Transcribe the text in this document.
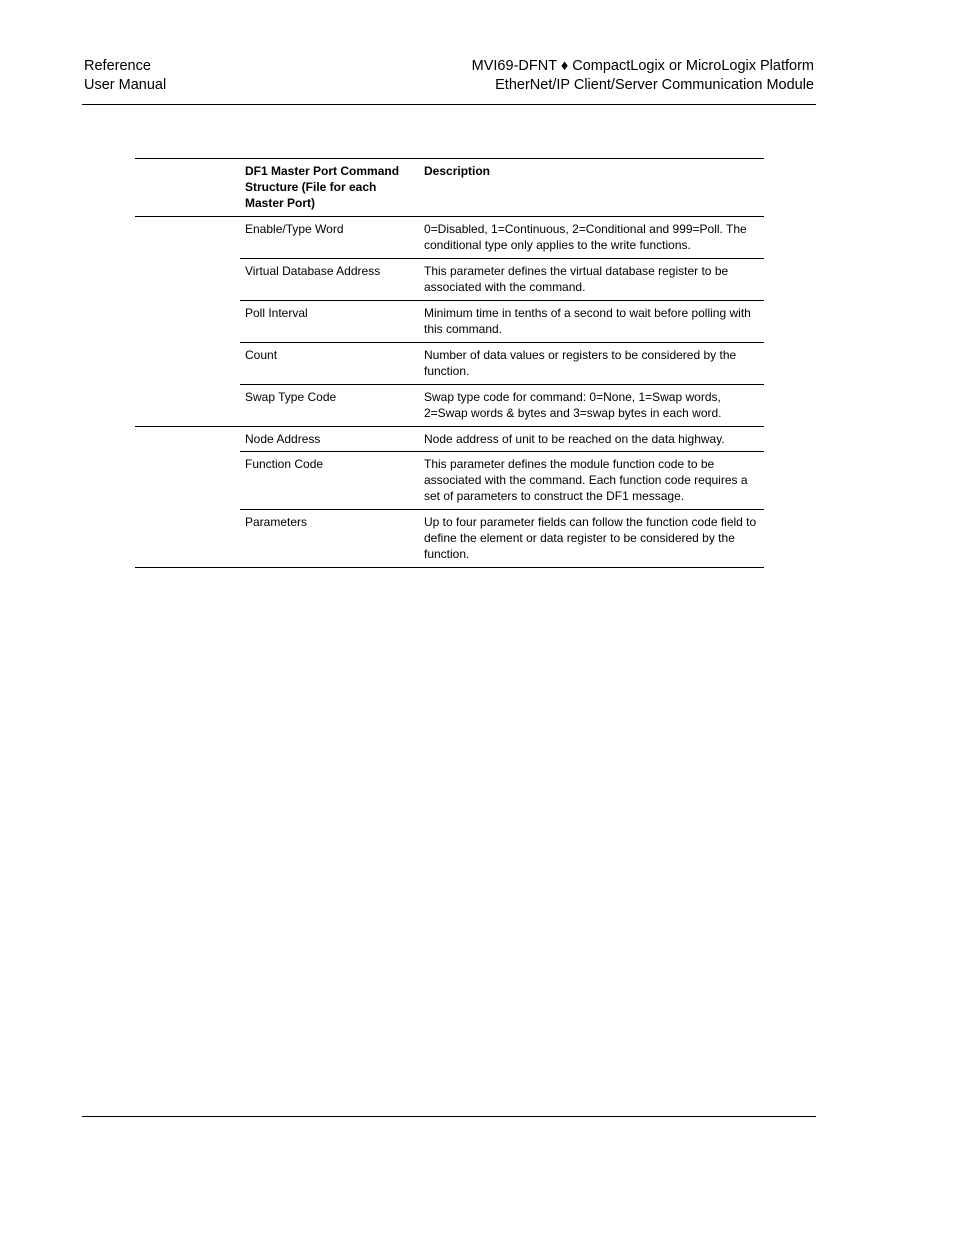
Reference
User Manual
MVI69-DFNT ♦ CompactLogix or MicroLogix Platform
EtherNet/IP Client/Server Communication Module
	DF1 Master Port Command Structure (File for each Master Port)	Description
	Enable/Type Word	0=Disabled, 1=Continuous, 2=Conditional and 999=Poll. The conditional type only applies to the write functions.
	Virtual Database Address	This parameter defines the virtual database register to be associated with the command.
	Poll Interval	Minimum time in tenths of a second to wait before polling with this command.
	Count	Number of data values or registers to be considered by the function.
	Swap Type Code	Swap type code for command: 0=None, 1=Swap words, 2=Swap words & bytes and 3=swap bytes in each word.
	Node Address	Node address of unit to be reached on the data highway.
	Function Code	This parameter defines the module function code to be associated with the command. Each function code requires a set of parameters to construct the DF1 message.
	Parameters	Up to four parameter fields can follow the function code field to define the element or data register to be considered by the function.
